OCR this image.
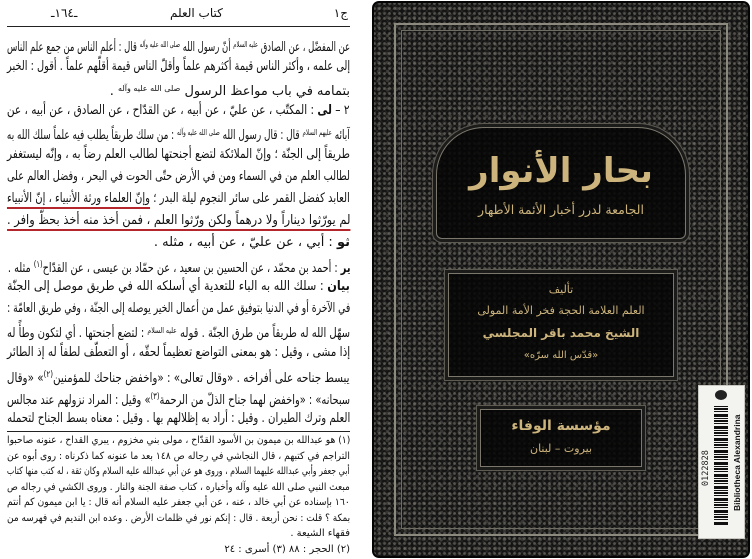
ج١
كتاب العلم
ـ١٦٤ـ
عن المفضّل ، عن الصادق $^{عليه السلام}$ أنّ رسول الله $^{صلى الله عليه وآله}$ قال : أعلم الناس من جمع علم الناس
إلى علمه ، وأكثر الناس قيمة أكثرهم علماً وأقلّ الناس قيمة أقلّهم علماً . أقول : الخبر
بتمامه في باب مواعظ الرسول $^{صلى الله عليه وآله}$ .
٢ – لى : المكتّب ، عن عليّ ، عن أبيه ، عن القدّاح ، عن الصادق ، عن أبيه ، عن
آبائه $^{عليهم السلام}$ قال : قال رسول الله $^{صلى الله عليه وآله}$ : من سلك طريقاً يطلب فيه علماً سلك الله به
طريقاً إلى الجنّة ؛ وإنّ الملائكة لتضع أجنحتها لطالب العلم رضاً به ، وإنّه ليستغفر
لطالب العلم من في السماء ومن في الأرض حتّى الحوت في البحر ، وفضل العالم على
العابد كفضل القمر على سائر النجوم ليلة البدر ؛ وإنّ العلماء ورثة الأنبياء ، إنّ الأنبياء
لم يورّثوا ديناراً ولا درهماً ولكن ورّثوا العلم ، فمن أخذ منه أخذ بحظّ وافر .
ثو : أبي ، عن عليّ ، عن أبيه ، مثله .
ير : أحمد بن محمّد ، عن الحسين بن سعيد ، عن حمّاد بن عيسى ، عن القدّاح$^{(١)}$ مثله .
بيان : سلك الله به الباء للتعدية أي أسلكه الله في طريق موصل إلى الجنّة
في الآخرة أو في الدنيا بتوفيق عمل من أعمال الخير يوصله إلى الجنّة ، وفي طريق العامّة :
سهّل الله له طريقاً من طرق الجنّة . قوله $^{عليه السلام}$ : لتضع أجنحتها . أي لتكون وطأً له
إذا مشى ، وقيل : هو بمعنى التواضع تعظيماً لحقّه ، أو التعطّف لطفاً له إذ الطائر
يبسط جناحه على أفراخه . «وقال تعالى» : «واخفض جناحك للمؤمنين$^{(٢)}$» «وقال
سبحانه» : «واخفض لهما جناح الذلّ من الرحمة$^{(٣)}$» وقيل : المراد نزولهم عند مجالس
العلم وترك الطيران . وقيل : أراد به إظلالهم بها . وقيل : معناه بسط الجناح لتحمله
(١) هو عبدالله بن ميمون بن الأسود القدّاح ، مولى بني مخزوم ، يبري القداح ، عنونه صاحبوا
التراجم في كتبهم ، قال النجاشي في رجاله ص ١٤٨ بعد ما عنونه كما ذكرناه : روى أبوه عن
أبي جعفر وأبي عبدالله عليهما السلام ، وروى هو عن أبي عبدالله عليه السلام وكان ثقة ، له كتب منها كتاب
مبعث النبي صلى الله عليه وآله وأخباره ، كتاب صفة الجنة والنار . وروى الكشي في رجاله ص
١٦٠ بإسناده عن أبي خالد ، عنه ، عن أبي جعفر عليه السلام أنه قال : يا ابن ميمون كم أنتم
بمكة ؟ قلت : نحن أربعة . قال : إنكم نور في ظلمات الأرض . وعده ابن النديم في فهرسه من
فقهاء الشيعة .
(٢) الحجر : ٨٨ (٣) أسرى : ٢٤
بحار الأنوار
الجامعة لدرر أخبار الأئمة الأطهار
تأليف
العلم العلامة الحجة فخر الأمة المولى
الشيخ محمد باقر المجلسي
«قدّس الله سرّه»
مؤسسة الوفاء
بيروت – لبنان
0122828 Bibliotheca Alexandrina
